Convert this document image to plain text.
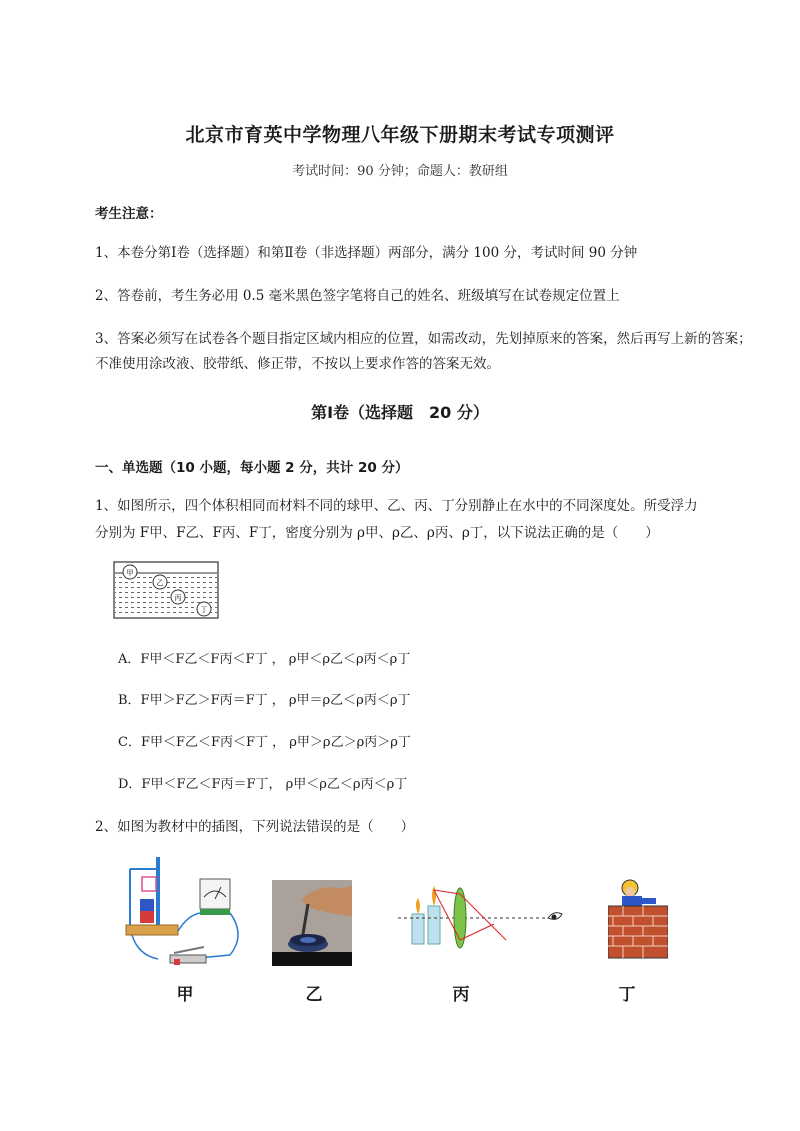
北京市育英中学物理八年级下册期末考试专项测评
考试时间：90 分钟；命题人：教研组
考生注意：
1、本卷分第Ⅰ卷（选择题）和第Ⅱ卷（非选择题）两部分，满分 100 分，考试时间 90 分钟
2、答卷前，考生务必用 0.5 毫米黑色签字笔将自己的姓名、班级填写在试卷规定位置上
3、答案必须写在试卷各个题目指定区域内相应的位置，如需改动，先划掉原来的答案，然后再写上新的答案；不准使用涂改液、胶带纸、修正带，不按以上要求作答的答案无效。
第Ⅰ卷（选择题　20 分）
一、单选题（10 小题，每小题 2 分，共计 20 分）
1、如图所示，四个体积相同而材料不同的球甲、乙、丙、丁分别静止在水中的不同深度处。所受浮力
分别为 F甲、F乙、F丙、F丁，密度分别为 ρ甲、ρ乙、ρ丙、ρ丁，以下说法正确的是（　　）
甲
乙
丙
丁
A．F甲＜F乙＜F丙＜F丁 ， ρ甲＜ρ乙＜ρ丙＜ρ丁
B．F甲＞F乙＞F丙＝F丁 ， ρ甲＝ρ乙＜ρ丙＜ρ丁
C．F甲＜F乙＜F丙＜F丁 ， ρ甲＞ρ乙＞ρ丙＞ρ丁
D．F甲＜F乙＜F丙＝F丁， ρ甲＜ρ乙＜ρ丙＜ρ丁
2、如图为教材中的插图，下列说法错误的是（　　）
甲	乙	丙	丁
